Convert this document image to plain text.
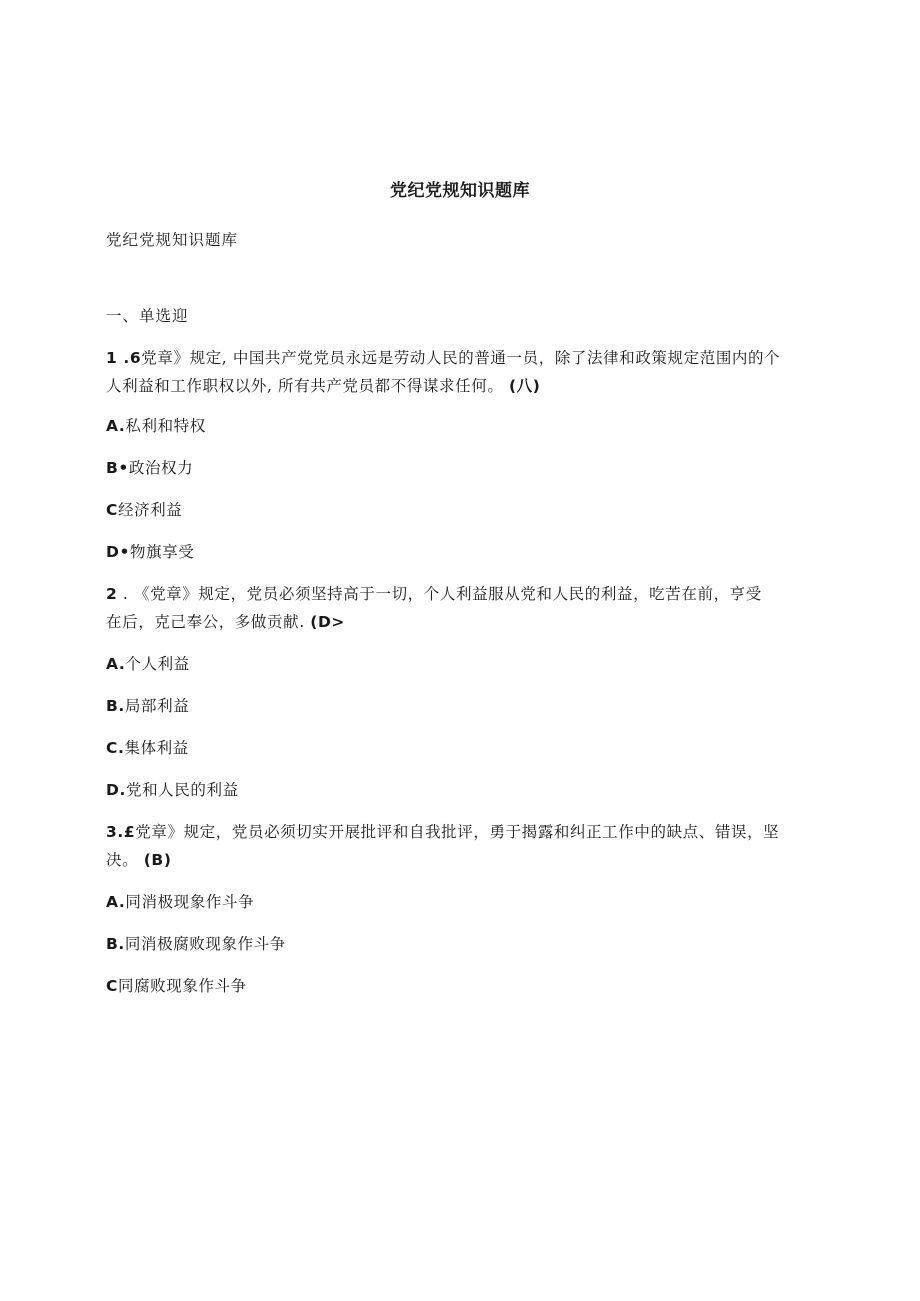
党纪党规知识题库
党纪党规知识题库
一、单选迎
1 .6党章》规定, 中国共产党党员永远是劳动人民的普通一员，除了法律和政策规定范围内的个
人利益和工作职权以外, 所有共产党员都不得谋求任何。 (八)
A.私利和特权
B•政治权力
C经济利益
D•物旗享受
2 . 《党章》规定，党员必须坚持高于一切，个人利益服从党和人民的利益，吃苦在前，亨受
在后，克己奉公，多做贡献. (D>
A.个人利益
B.局部利益
C.集体利益
D.党和人民的利益
3.£党章》规定，党员必须切实开展批评和自我批评，勇于揭露和纠正工作中的缺点、错误，坚
决。 (B)
A.同消极现象作斗争
B.同消极腐败现象作斗争
C同腐败现象作斗争
